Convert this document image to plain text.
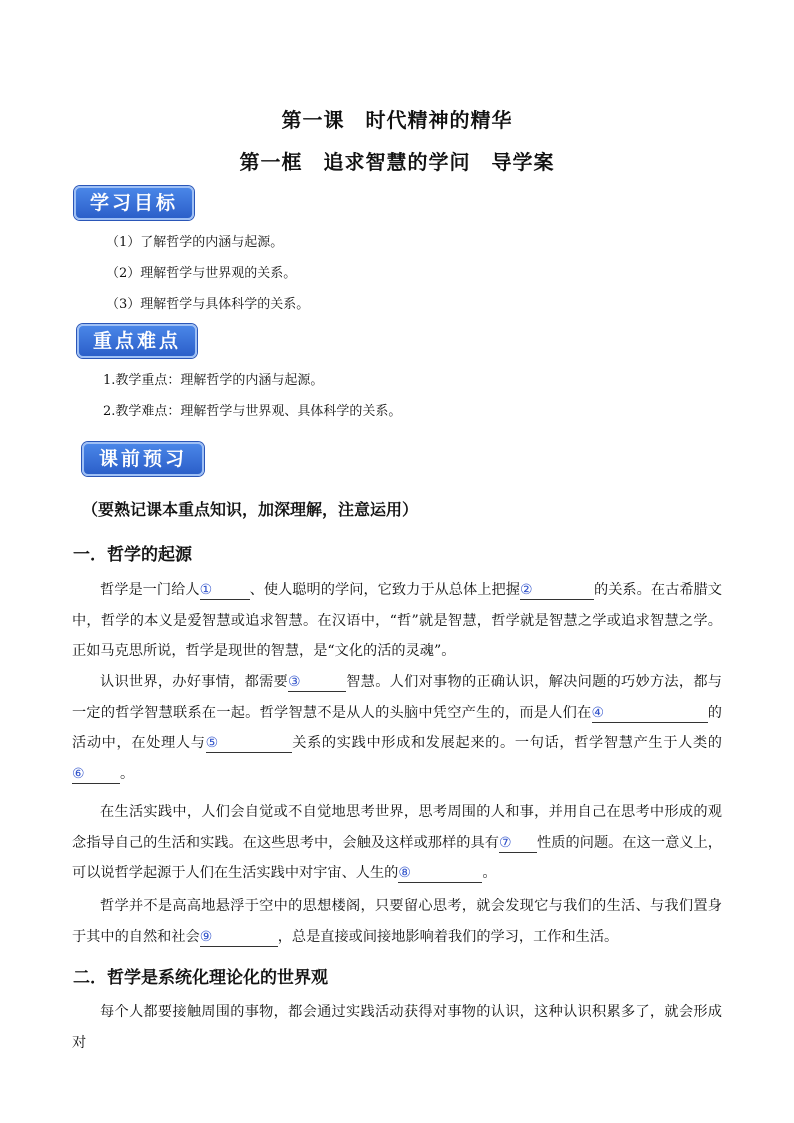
第一课　时代精神的精华
第一框　追求智慧的学问　导学案
学习目标
（1）了解哲学的内涵与起源。
（2）理解哲学与世界观的关系。
（3）理解哲学与具体科学的关系。
重点难点
1.教学重点：理解哲学的内涵与起源。
2.教学难点：理解哲学与世界观、具体科学的关系。
课前预习
（要熟记课本重点知识，加深理解，注意运用）
一．哲学的起源
哲学是一门给人①	、使人聪明的学问，它致力于从总体上把握②	的关系。在古希腊文中，哲学的本义是爱智慧或追求智慧。在汉语中，“哲”就是智慧，哲学就是智慧之学或追求智慧之学。正如马克思所说，哲学是现世的智慧，是“文化的活的灵魂”。
认识世界，办好事情，都需要③	智慧。人们对事物的正确认识，解决问题的巧妙方法，都与一定的哲学智慧联系在一起。哲学智慧不是从人的头脑中凭空产生的，而是人们在④	的活动中，在处理人与⑤	关系的实践中形成和发展起来的。一句话，哲学智慧产生于人类的⑥ 。
在生活实践中，人们会自觉或不自觉地思考世界，思考周围的人和事，并用自己在思考中形成的观念指导自己的生活和实践。在这些思考中，会触及这样或那样的具有⑦ 性质的问题。在这一意义上，可以说哲学起源于人们在生活实践中对宇宙、人生的⑧	。
哲学并不是高高地悬浮于空中的思想楼阁，只要留心思考，就会发现它与我们的生活、与我们置身于其中的自然和社会⑨	，总是直接或间接地影响着我们的学习，工作和生活。
二．哲学是系统化理论化的世界观
每个人都要接触周围的事物，都会通过实践活动获得对事物的认识，这种认识积累多了，就会形成对
